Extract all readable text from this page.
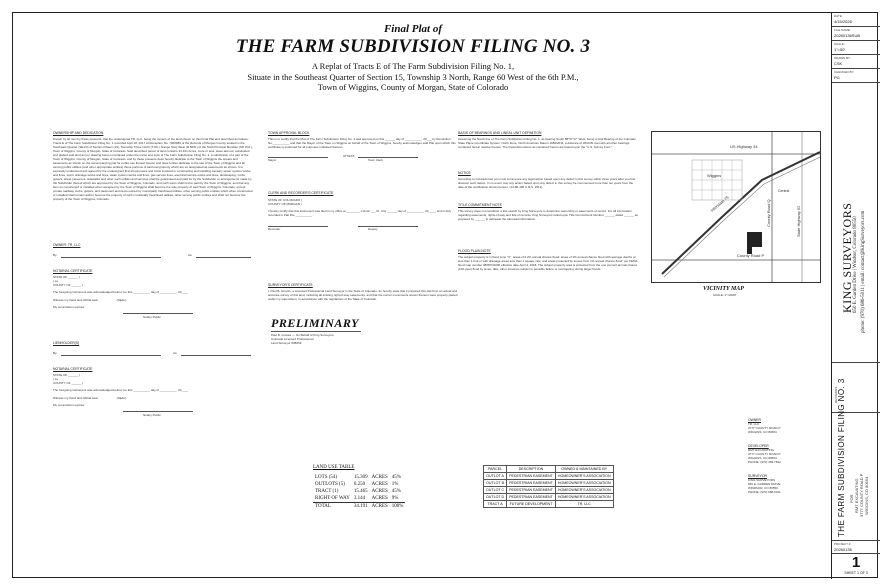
Final Plat of
THE FARM SUBDIVISION FILING NO. 3
A Replat of Tracts E of The Farm Subdivision Filing No. 1,
Situate in the Southeast Quarter of Section 15, Township 3 North, Range 60 West of the 6th P.M.,
Town of Wiggins, County of Morgan, State of Colorado
OWNERSHIP AND DEDICATION
Known by all men by these presents, that the undersigned TR, LLC, being the owners of the land shown on this Final Plat and described as follows: Tracts E of The Farm Subdivision Filing No. 1 recorded April 18, 2017 at Reception No. 7000983 of the Records of Morgan County located in the Southeast Quarter (SE1/4) of Section Fifteen (15), Township Three North (T.3N.), Range Sixty West (R.60W.) of the Sixth Principal Meridian (6th P.M.), Town of Wiggins, County of Morgan, State of Colorado. Said described parcel of land contains 34.191 Acres, more or less. Have laid out, subdivided and platted said land as per drawing hereon contained under the name and style of The Farm Subdivision Filing No. 3, a subdivision of a part of the Town of Wiggins, County of Morgan, State of Colorado, and by these presents does hereby dedicate to the Town of Wiggins the streets and easements as shown on the accompanying plat for public use thereof forever and does further dedicate to the use of the Town of Wiggins and all serving public utilities (and other appropriate entities) those portions of said real property which are so designated as easements as shown. It is expressly understood and agreed by the undersigned that all expenses and costs involved in constructing and installing sanitary sewer system works and lines, storm drainage works and lines, water system works and lines, gas service lines, electrical service works and lines, landscaping, curbs, gutters, street pavement, sidewalks and other such utilities and services shall be guaranteed and paid for by the Subdivider or arrangements made by the Subdivider thereof which are approved by the Town of Wiggins, Colorado, and such sums shall not be paid by the Town of Wiggins, and that any item so constructed or installed when accepted by the Town of Wiggins shall become the sole property of said Town of Wiggins, Colorado, except private roadway curbs, gutters, and pavement and items owned by municipally franchised utilities, other serving public entities which when constructed or installed shall remain and/or become the property of such municipally franchised utilities, other serving public entities and shall not become the property of the Town of Wiggins, Colorado.
OWNER: TR, LLC
By:	As:
NOTARIAL CERTIFICATE
STATE OF ______ )
) ss.
COUNTY OF ______ )
The foregoing instrument was acknowledged before me this __________ day of __________, 20____
Witness my hand and official seal.	(SEAL)
My commission expires:
Notary Public
LIENHOLDER(S)
By:	As:
NOTARIAL CERTIFICATE
STATE OF ______ )
) ss.
COUNTY OF ______ )
The foregoing instrument was acknowledged before me this __________ day of __________, 20____
Witness my hand and official seal.	(SEAL)
My commission expires:
Notary Public
TOWN APPROVAL BLOCK
This is to certify that the Plat of The Farm Subdivision Filing No. 3 was approved on this ______ day of __________, 20___ by Resolution No.__________ and that the Mayor of the Town on Wiggins on behalf of the Town of Wiggins, hereby acknowledges said Plat upon which this certificate is endorsed for all purposes indicated thereon.
Mayor
ATTEST:
Town Clerk
CLERK AND RECORDER'S CERTIFICATE
STATE OF COLORADO )
COUNTY OF MORGAN )
I hereby certify that this instrument was filed in my office at ________ o'clock ___.M., this ______ day of __________, 20____, and is duly recorded in Plat File __________.
Recorder	Deputy
SURVEYOR'S CERTIFICATE
I, Paul B. Groves, a Licensed Professional Land Surveyor in the State of Colorado, do hereby state that it prepared this plat from an actual and accurate survey of this land, including all existing right-of-way easements, and that the corner monuments shown thereon were properly placed under my supervision, in accordance with the regulations of the State of Colorado.
PRELIMINARY
Paul B. Groves — On Behalf of King Surveyors
Colorado Licensed Professional
Land Surveyor #38059
BASIS OF BEARINGS AND LINEAL UNIT DEFINITION
Assuming the South line of The Farm Subdivision Filing No. 1, as bearing South 88°57'17" West, being a Grid Bearing of the Colorado State Plane Coordinate System, North Zone, North American Datum 1983/2011, a distance of 2630.81 feet with all other bearings contained herein relative thereto. The lineal dimensions as contained herein are based upon the "U.S. Survey Foot."
NOTICE
According to Colorado law you must commence any legal action based upon any defect in this survey within three years after you first discover such defect. In no event may any action based upon any defect in this survey be commenced more than ten years from the date of the certification shown hereon. (13-80-105 C.R.S. 2012)
TITLE COMMITMENT NOTE
This survey does not constitute a title search by King Surveyors to determine ownership or easements of record. For all information regarding easements, rights-of-way and title of records, King Surveyors relied upon Title Commitment Number ______ dated ______ as prepared by ______ to delineate the aforesaid information.
FLOOD PLAIN NOTE
The subject property is in flood zone "X", areas of 0.2% annual chance flood; areas of 1% annual chance flood with average depths of less than 1 foot or with drainage areas less than 1 square mile; and areas protected by levees from 1% annual chance flood" per FEMA flood map number 08087C0000 effective date April 4, 2018. The subject property area is protected from the one percent annual chance (100-year) flood by levee, dike, other structure subject to possible failure or overtopping during larger floods.
US Highway 34
County Road P
County Road Q	State Highway 52
Interstate 76
Wiggins
Central
VICINITY MAP
SCALE: 1"=2000'
LAND USE TABLE
LOTS (54)	15.309	ACRES	45%
OUTLOTS (5)	0.250	ACRES	1%
TRACT (1)	15.465	ACRES	45%
RIGHT OF WAY	3.144	ACRES	9%
TOTAL	34.191	ACRES	100%
PARCEL	DESCRIPTION	OWNED & MAINTAINED BY
OUTLOT A	PEDESTRIAN EASEMENT	HOMEOWNER'S ASSOCIATION
OUTLOT B	PEDESTRIAN EASEMENT	HOMEOWNER'S ASSOCIATION
OUTLOT C	PEDESTRIAN EASEMENT	HOMEOWNER'S ASSOCIATION
OUTLOT D	PEDESTRIAN EASEMENT	HOMEOWNER'S ASSOCIATION
TRACT A	FUTURE DEVELOPMENT	TR, LLC
OWNER
TR, LLC
3777 COUNTY ROAD P
WIGGINS, CO 80654
DEVELOPER
RMT EXCAVATING
3777 COUNTY ROAD P
WIGGINS, CO 80654
PHONE: (970) 483-7812
SURVEYOR
KING SURVEYORS
650 E. GARDEN DRIVE
WINDSOR, CO 80550
PHONE: (970) 686-5011
DATE:
4/15/2026
FILE NAME:
20260136SUB
SCALE:
1"=50'
DRAWN BY:
CSK
CHECKED BY:
PG
KING SURVEYORS 650 E. Garden Drive | Windsor, Colorado 80550 phone: (970) 686-5011 | email: contact@KingSurveyors.com
REVISIONS THE FARM SUBDIVISION FILING NO. 3 FOR RMT EXCAVATING 3777 COUNTY ROAD P WIGGINS, CO 80654
PROJECT #
20260136
1
SHEET 1 OF 3
